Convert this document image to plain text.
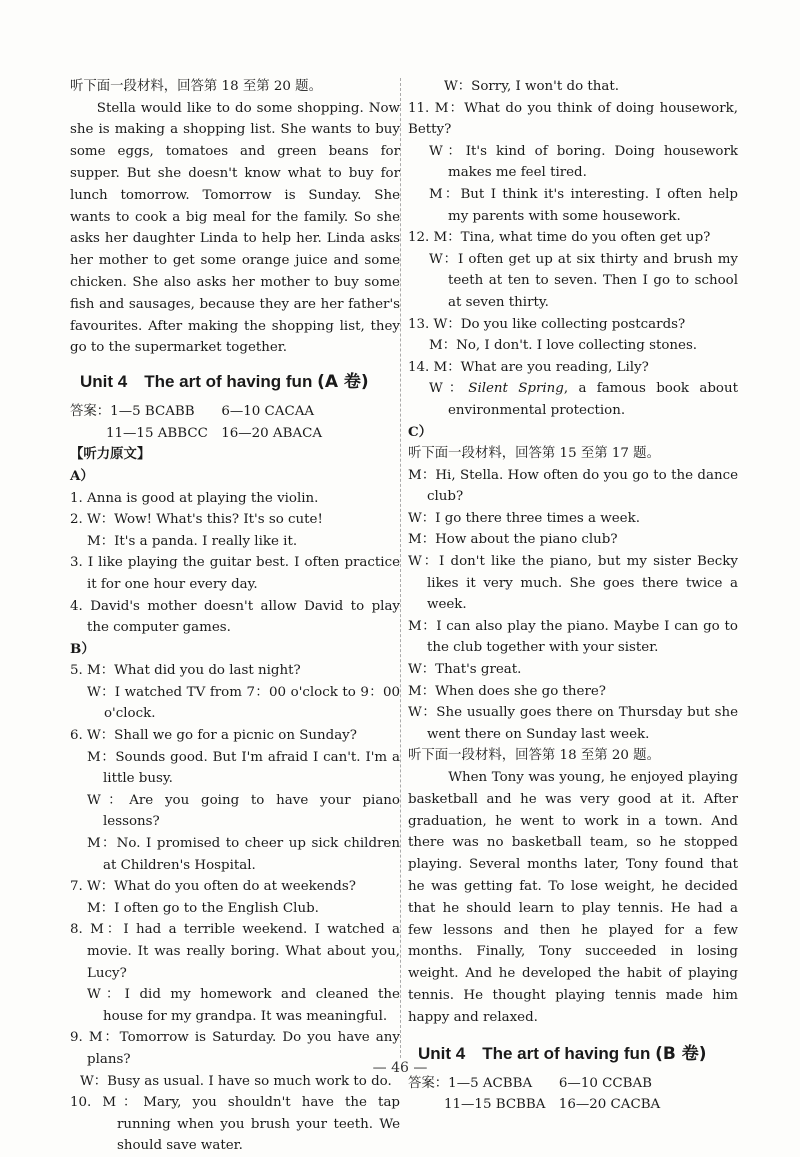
听下面一段材料，回答第 18 至第 20 题。
Stella would like to do some shopping. Now she is making a shopping list. She wants to buy some eggs, tomatoes and green beans for supper. But she doesn't know what to buy for lunch tomorrow. Tomorrow is Sunday. She wants to cook a big meal for the family. So she asks her daughter Linda to help her. Linda asks her mother to get some orange juice and some chicken. She also asks her mother to buy some fish and sausages, because they are her father's favourites. After making the shopping list, they go to the supermarket together.
Unit 4　The art of having fun (A 卷)
答案：1—5 BCABB　　6—10 CACAA
11—15 ABBCC　16—20 ABACA
【听力原文】
A）
1. Anna is good at playing the violin.
2. W：Wow! What's this? It's so cute!
M：It's a panda. I really like it.
3. I like playing the guitar best. I often practice it for one hour every day.
4. David's mother doesn't allow David to play the computer games.
B）
5. M：What did you do last night?
W：I watched TV from 7：00 o'clock to 9：00 o'clock.
6. W：Shall we go for a picnic on Sunday?
M：Sounds good. But I'm afraid I can't. I'm a little busy.
W：Are you going to have your piano lessons?
M：No. I promised to cheer up sick children at Children's Hospital.
7. W：What do you often do at weekends?
M：I often go to the English Club.
8. M：I had a terrible weekend. I watched a movie. It was really boring. What about you, Lucy?
W：I did my homework and cleaned the house for my grandpa. It was meaningful.
9. M：Tomorrow is Saturday. Do you have any plans?
W：Busy as usual. I have so much work to do.
10. M：Mary, you shouldn't have the tap running when you brush your teeth. We should save water.
W：Sorry, I won't do that.
11. M：What do you think of doing housework, Betty?
W：It's kind of boring. Doing housework makes me feel tired.
M：But I think it's interesting. I often help my parents with some housework.
12. M：Tina, what time do you often get up?
W：I often get up at six thirty and brush my teeth at ten to seven. Then I go to school at seven thirty.
13. W：Do you like collecting postcards?
M：No, I don't. I love collecting stones.
14. M：What are you reading, Lily?
W：Silent Spring, a famous book about environmental protection.
C）
听下面一段材料，回答第 15 至第 17 题。
M：Hi, Stella. How often do you go to the dance club?
W：I go there three times a week.
M：How about the piano club?
W：I don't like the piano, but my sister Becky likes it very much. She goes there twice a week.
M：I can also play the piano. Maybe I can go to the club together with your sister.
W：That's great.
M：When does she go there?
W：She usually goes there on Thursday but she went there on Sunday last week.
听下面一段材料，回答第 18 至第 20 题。
When Tony was young, he enjoyed playing basketball and he was very good at it. After graduation, he went to work in a town. And there was no basketball team, so he stopped playing. Several months later, Tony found that he was getting fat. To lose weight, he decided that he should learn to play tennis. He had a few lessons and then he played for a few months. Finally, Tony succeeded in losing weight. And he developed the habit of playing tennis. He thought playing tennis made him happy and relaxed.
Unit 4　The art of having fun (B 卷)
答案：1—5 ACBBA　　6—10 CCBAB
11—15 BCBBA　16—20 CACBA
— 46 —
